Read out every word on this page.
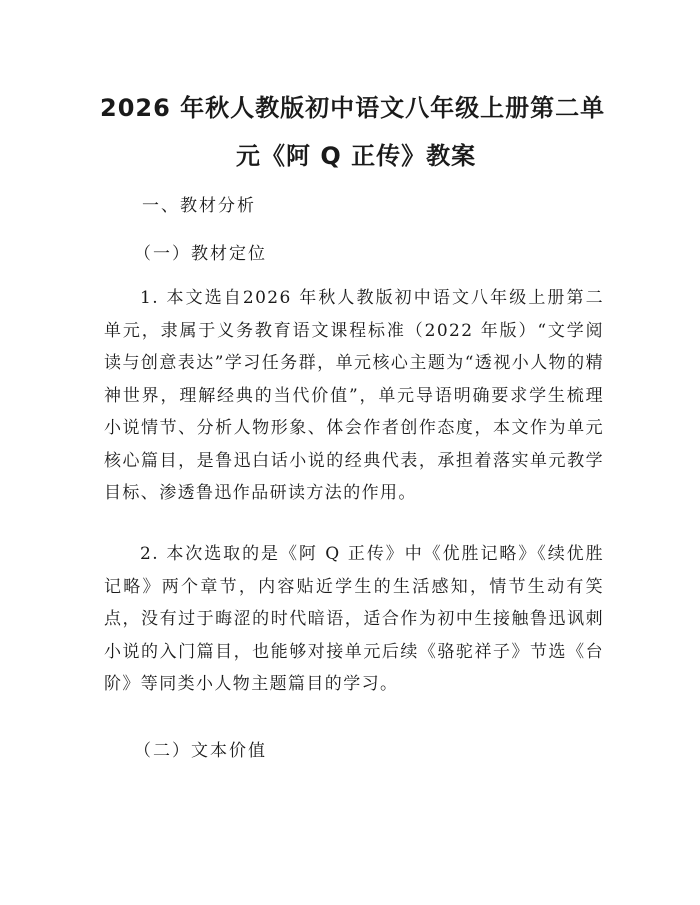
2026 年秋人教版初中语文八年级上册第二单
元《阿 Q 正传》教案
一、教材分析
（一）教材定位
1. 本文选自2026 年秋人教版初中语文八年级上册第二单元，隶属于义务教育语文课程标准（2022 年版）“文学阅读与创意表达”学习任务群，单元核心主题为“透视小人物的精神世界，理解经典的当代价值”，单元导语明确要求学生梳理小说情节、分析人物形象、体会作者创作态度，本文作为单元核心篇目，是鲁迅白话小说的经典代表，承担着落实单元教学目标、渗透鲁迅作品研读方法的作用。
2. 本次选取的是《阿 Q 正传》中《优胜记略》《续优胜记略》两个章节，内容贴近学生的生活感知，情节生动有笑点，没有过于晦涩的时代暗语，适合作为初中生接触鲁迅讽刺小说的入门篇目，也能够对接单元后续《骆驼祥子》节选《台阶》等同类小人物主题篇目的学习。
（二）文本价值
